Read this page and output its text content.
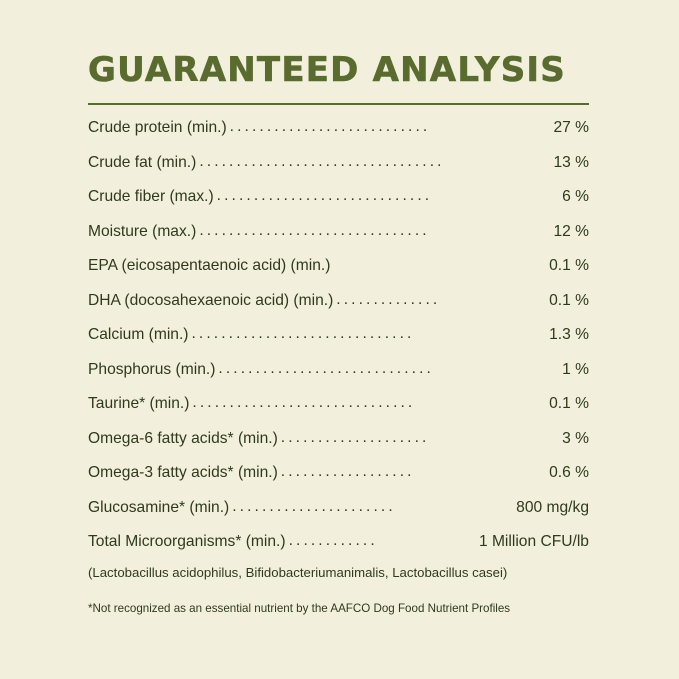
GUARANTEED ANALYSIS
Crude protein (min.) ...........................	27 %
Crude fat (min.) .................................	13 %
Crude fiber (max.) .............................	6 %
Moisture (max.) ...............................	12 %
EPA (eicosapentaenoic acid) (min.)	0.1 %
DHA (docosahexaenoic acid) (min.) ..............	0.1 %
Calcium (min.) ..............................	1.3 %
Phosphorus (min.) .............................	1 %
Taurine* (min.) ..............................	0.1 %
Omega-6 fatty acids* (min.) ....................	3 %
Omega-3 fatty acids* (min.) ..................	0.6 %
Glucosamine* (min.) ......................	800 mg/kg
Total Microorganisms* (min.) ............	1 Million CFU/lb
(Lactobacillus acidophilus, Bifidobacteriumanimalis, Lactobacillus casei)
*Not recognized as an essential nutrient by the AAFCO Dog Food Nutrient Profiles
